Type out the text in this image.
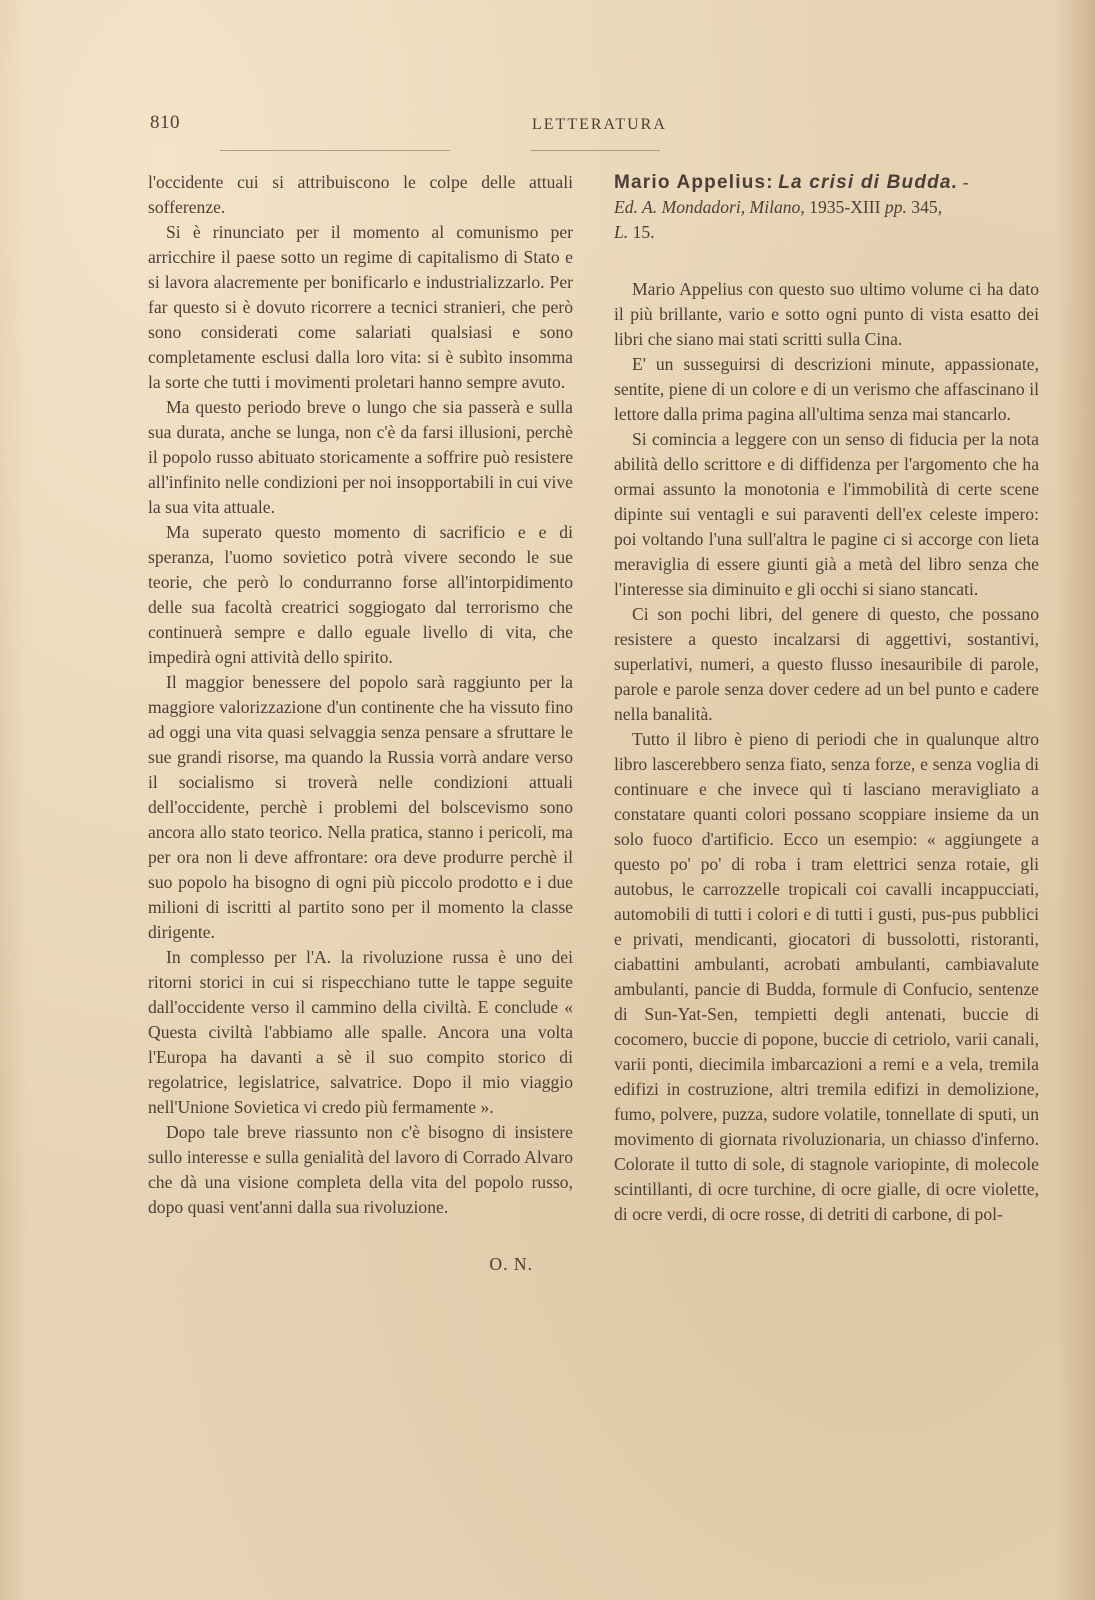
810	LETTERATURA

l'occidente cui si attribuiscono le colpe delle attuali sofferenze.

Si è rinunciato per il momento al comunismo per arricchire il paese sotto un regime di capitalismo di Stato e si lavora alacremente per bonificarlo e industrializzarlo. Per far questo si è dovuto ricorrere a tecnici stranieri, che però sono considerati come salariati qualsiasi e sono completamente esclusi dalla loro vita: si è subìto insomma la sorte che tutti i movimenti proletari hanno sempre avuto.

Ma questo periodo breve o lungo che sia passerà e sulla sua durata, anche se lunga, non c'è da farsi illusioni, perchè il popolo russo abituato storicamente a soffrire può resistere all'infinito nelle condizioni per noi insopportabili in cui vive la sua vita attuale.

Ma superato questo momento di sacrificio e e di speranza, l'uomo sovietico potrà vivere secondo le sue teorie, che però lo condurranno forse all'intorpidimento delle sua facoltà creatrici soggiogato dal terrorismo che continuerà sempre e dallo eguale livello di vita, che impedirà ogni attività dello spirito.

Il maggior benessere del popolo sarà raggiunto per la maggiore valorizzazione d'un continente che ha vissuto fino ad oggi una vita quasi selvaggia senza pensare a sfruttare le sue grandi risorse, ma quando la Russia vorrà andare verso il socialismo si troverà nelle condizioni attuali dell'occidente, perchè i problemi del bolscevismo sono ancora allo stato teorico. Nella pratica, stanno i pericoli, ma per ora non li deve affrontare: ora deve produrre perchè il suo popolo ha bisogno di ogni più piccolo prodotto e i due milioni di iscritti al partito sono per il momento la classe dirigente.

In complesso per l'A. la rivoluzione russa è uno dei ritorni storici in cui si rispecchiano tutte le tappe seguite dall'occidente verso il cammino della civiltà. E conclude « Questa civiltà l'abbiamo alle spalle. Ancora una volta l'Europa ha davanti a sè il suo compito storico di regolatrice, legislatrice, salvatrice. Dopo il mio viaggio nell'Unione Sovietica vi credo più fermamente ».

Dopo tale breve riassunto non c'è bisogno di insistere sullo interesse e sulla genialità del lavoro di Corrado Alvaro che dà una visione completa della vita del popolo russo, dopo quasi vent'anni dalla sua rivoluzione.

O. N.

Mario Appelius: La crisi di Budda. -
Ed. A. Mondadori, Milano, 1935-XIII pp. 345,
L. 15.

Mario Appelius con questo suo ultimo volume ci ha dato il più brillante, vario e sotto ogni punto di vista esatto dei libri che siano mai stati scritti sulla Cina.

E' un susseguirsi di descrizioni minute, appassionate, sentite, piene di un colore e di un verismo che affascinano il lettore dalla prima pagina all'ultima senza mai stancarlo.

Si comincia a leggere con un senso di fiducia per la nota abilità dello scrittore e di diffidenza per l'argomento che ha ormai assunto la monotonia e l'immobilità di certe scene dipinte sui ventagli e sui paraventi dell'ex celeste impero: poi voltando l'una sull'altra le pagine ci si accorge con lieta meraviglia di essere giunti già a metà del libro senza che l'interesse sia diminuito e gli occhi si siano stancati.

Ci son pochi libri, del genere di questo, che possano resistere a questo incalzarsi di aggettivi, sostantivi, superlativi, numeri, a questo flusso inesauribile di parole, parole e parole senza dover cedere ad un bel punto e cadere nella banalità.

Tutto il libro è pieno di periodi che in qualunque altro libro lascerebbero senza fiato, senza forze, e senza voglia di continuare e che invece quì ti lasciano meravigliato a constatare quanti colori possano scoppiare insieme da un solo fuoco d'artificio. Ecco un esempio: « aggiungete a questo po' po' di roba i tram elettrici senza rotaie, gli autobus, le carrozzelle tropicali coi cavalli incappucciati, automobili di tutti i colori e di tutti i gusti, pus-pus pubblici e privati, mendicanti, giocatori di bussolotti, ristoranti, ciabattini ambulanti, acrobati ambulanti, cambiavalute ambulanti, pancie di Budda, formule di Confucio, sentenze di Sun-Yat-Sen, tempietti degli antenati, buccie di cocomero, buccie di popone, buccie di cetriolo, varii canali, varii ponti, diecimila imbarcazioni a remi e a vela, tremila edifizi in costruzione, altri tremila edifizi in demolizione, fumo, polvere, puzza, sudore volatile, tonnellate di sputi, un movimento di giornata rivoluzionaria, un chiasso d'inferno. Colorate il tutto di sole, di stagnole variopinte, di molecole scintillanti, di ocre turchine, di ocre gialle, di ocre violette, di ocre verdi, di ocre rosse, di detriti di carbone, di pol-
